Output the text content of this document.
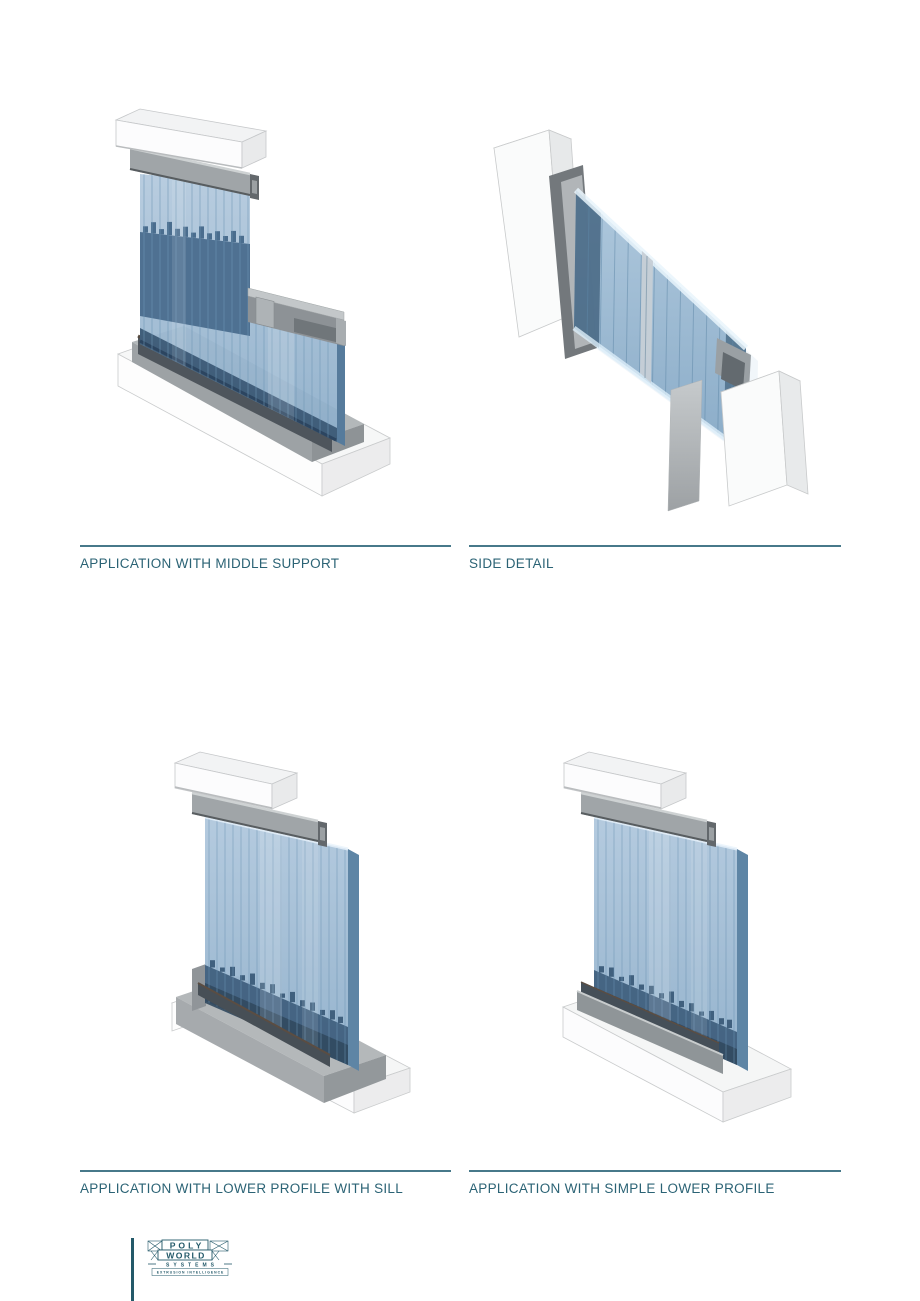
APPLICATION WITH MIDDLE SUPPORT	SIDE DETAIL
APPLICATION WITH LOWER PROFILE WITH SILL	APPLICATION WITH SIMPLE LOWER PROFILE
POLY
WORLD
SYSTEMS
EXTRUSION INTELLIGENCE
